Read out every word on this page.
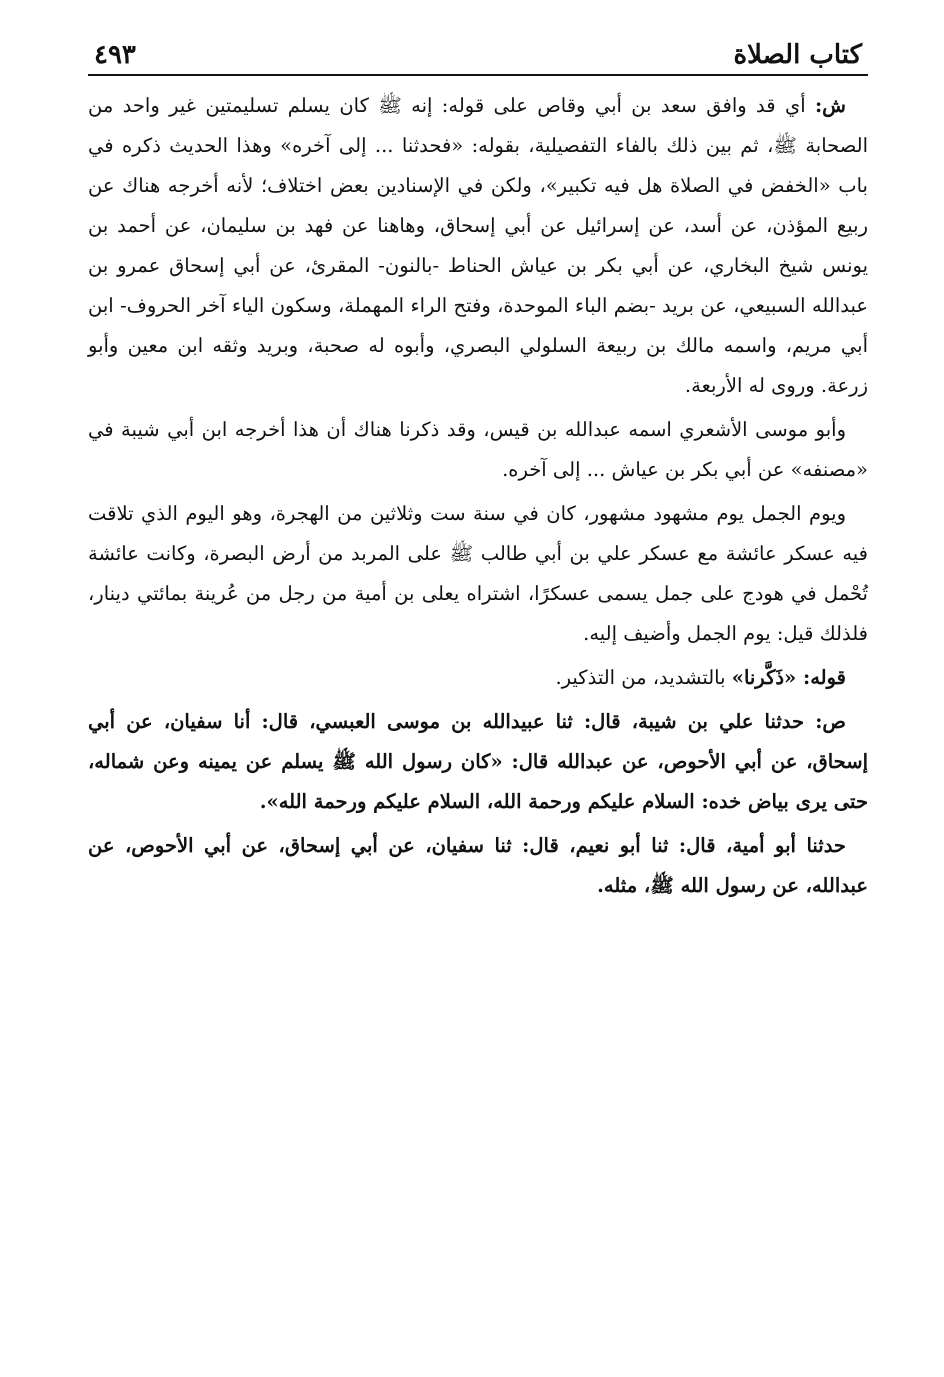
كتاب الصلاة
٤٩٣

ش: أي قد وافق سعد بن أبي وقاص على قوله: إنه ﷺ كان يسلم تسليمتين غير واحد من الصحابة ﷺ، ثم بين ذلك بالفاء التفصيلية، بقوله: «فحدثنا ... إلى آخره» وهذا الحديث ذكره في باب «الخفض في الصلاة هل فيه تكبير»، ولكن في الإسنادين بعض اختلاف؛ لأنه أخرجه هناك عن ربيع المؤذن، عن أسد، عن إسرائيل عن أبي إسحاق، وهاهنا عن فهد بن سليمان، عن أحمد بن يونس شيخ البخاري، عن أبي بكر بن عياش الحناط -بالنون- المقرئ، عن أبي إسحاق عمرو بن عبدالله السبيعي، عن بريد -بضم الباء الموحدة، وفتح الراء المهملة، وسكون الياء آخر الحروف- ابن أبي مريم، واسمه مالك بن ربيعة السلولي البصري، وأبوه له صحبة، وبريد وثقه ابن معين وأبو زرعة. وروى له الأربعة.

وأبو موسى الأشعري اسمه عبدالله بن قيس، وقد ذكرنا هناك أن هذا أخرجه ابن أبي شيبة في «مصنفه» عن أبي بكر بن عياش ... إلى آخره.

ويوم الجمل يوم مشهود مشهور، كان في سنة ست وثلاثين من الهجرة، وهو اليوم الذي تلاقت فيه عسكر عائشة مع عسكر علي بن أبي طالب ﷺ على المربد من أرض البصرة، وكانت عائشة تُحْمل في هودج على جمل يسمى عسكرًا، اشتراه يعلى بن أمية من رجل من عُرينة بمائتي دينار، فلذلك قيل: يوم الجمل وأضيف إليه.

قوله: «ذَكَّرنا» بالتشديد، من التذكير.

ص: حدثنا علي بن شيبة، قال: ثنا عبيدالله بن موسى العبسي، قال: أنا سفيان، عن أبي إسحاق، عن أبي الأحوص، عن عبدالله قال: «كان رسول الله ﷺ يسلم عن يمينه وعن شماله، حتى يرى بياض خده: السلام عليكم ورحمة الله، السلام عليكم ورحمة الله».

حدثنا أبو أمية، قال: ثنا أبو نعيم، قال: ثنا سفيان، عن أبي إسحاق، عن أبي الأحوص، عن عبدالله، عن رسول الله ﷺ، مثله.
